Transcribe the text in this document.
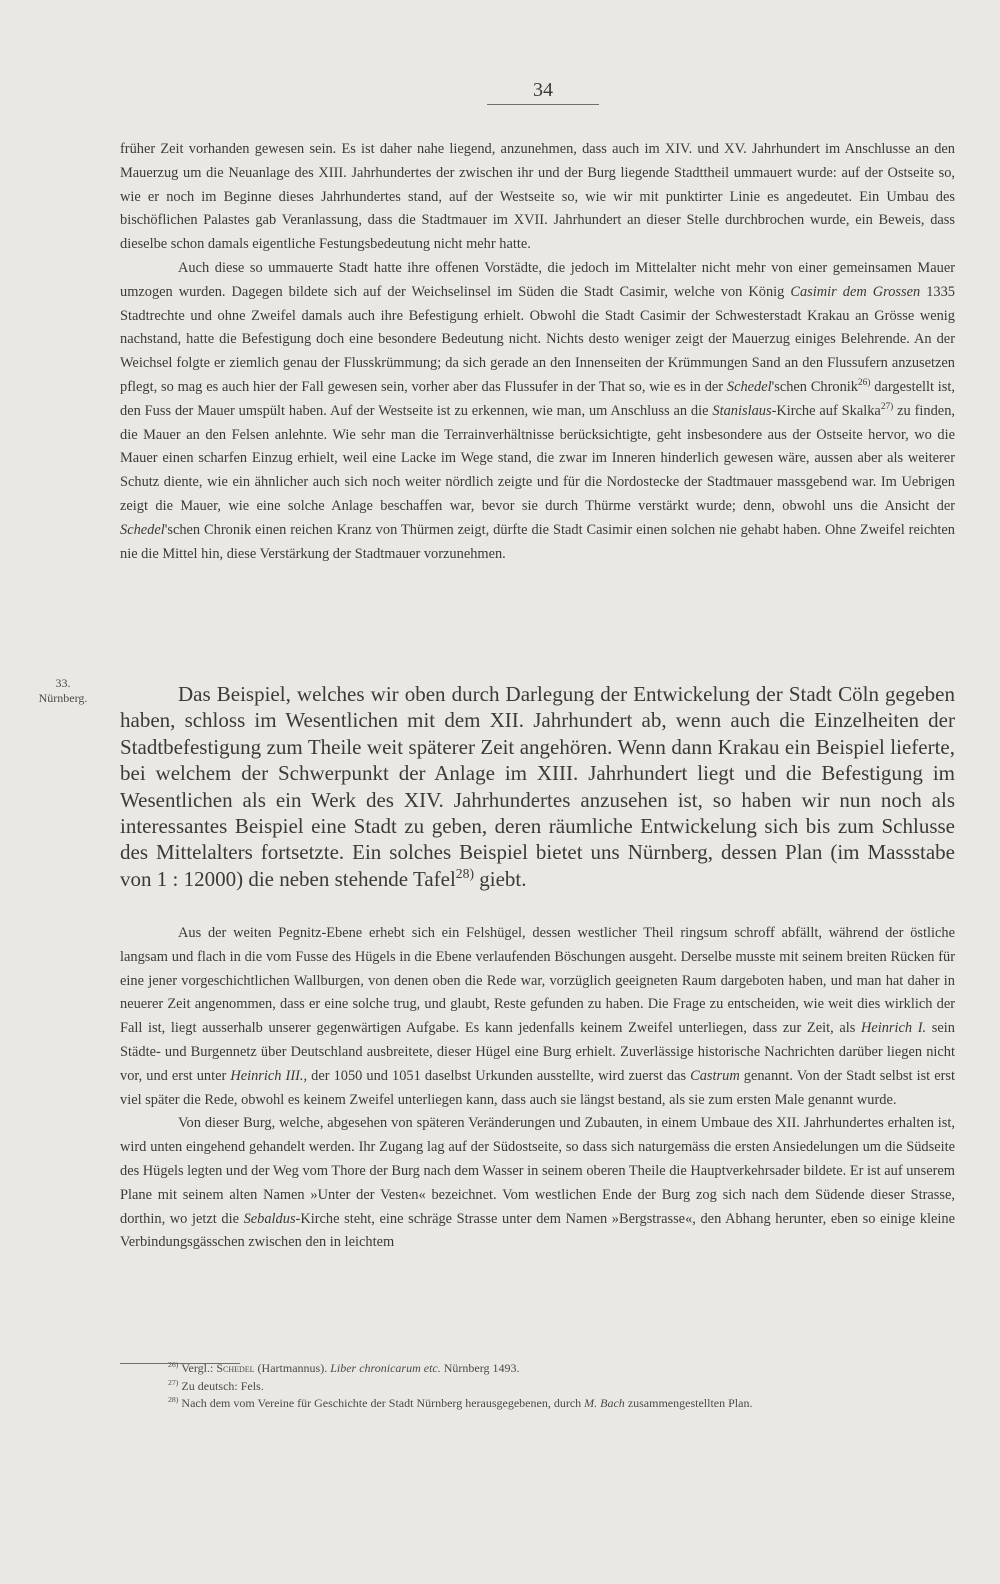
34

früher Zeit vorhanden gewesen sein. Es ist daher nahe liegend, anzunehmen, dass auch im XIV. und XV. Jahrhundert im Anschlusse an den Mauerzug um die Neuanlage des XIII. Jahrhundertes der zwischen ihr und der Burg liegende Stadttheil ummauert wurde: auf der Ostseite so, wie er noch im Beginne dieses Jahrhundertes stand, auf der Westseite so, wie wir mit punktirter Linie es angedeutet. Ein Umbau des bischöflichen Palastes gab Veranlassung, dass die Stadtmauer im XVII. Jahrhundert an dieser Stelle durchbrochen wurde, ein Beweis, dass dieselbe schon damals eigentliche Festungsbedeutung nicht mehr hatte.

Auch diese so ummauerte Stadt hatte ihre offenen Vorstädte, die jedoch im Mittelalter nicht mehr von einer gemeinsamen Mauer umzogen wurden. Dagegen bildete sich auf der Weichselinsel im Süden die Stadt Casimir, welche von König Casimir dem Grossen 1335 Stadtrechte und ohne Zweifel damals auch ihre Befestigung erhielt. Obwohl die Stadt Casimir der Schwesterstadt Krakau an Grösse wenig nachstand, hatte die Befestigung doch eine besondere Bedeutung nicht. Nichts desto weniger zeigt der Mauerzug einiges Belehrende. An der Weichsel folgte er ziemlich genau der Flusskrümmung; da sich gerade an den Innenseiten der Krümmungen Sand an den Flussufern anzusetzen pflegt, so mag es auch hier der Fall gewesen sein, vorher aber das Flussufer in der That so, wie es in der Schedel'schen Chronik$^{26)}$ dargestellt ist, den Fuss der Mauer umspült haben. Auf der Westseite ist zu erkennen, wie man, um Anschluss an die Stanislaus-Kirche auf Skalka$^{27)}$ zu finden, die Mauer an den Felsen anlehnte. Wie sehr man die Terrainverhältnisse berücksichtigte, geht insbesondere aus der Ostseite hervor, wo die Mauer einen scharfen Einzug erhielt, weil eine Lacke im Wege stand, die zwar im Inneren hinderlich gewesen wäre, aussen aber als weiterer Schutz diente, wie ein ähnlicher auch sich noch weiter nördlich zeigte und für die Nordostecke der Stadtmauer massgebend war. Im Uebrigen zeigt die Mauer, wie eine solche Anlage beschaffen war, bevor sie durch Thürme verstärkt wurde; denn, obwohl uns die Ansicht der Schedel'schen Chronik einen reichen Kranz von Thürmen zeigt, dürfte die Stadt Casimir einen solchen nie gehabt haben. Ohne Zweifel reichten nie die Mittel hin, diese Verstärkung der Stadtmauer vorzunehmen.

33.
Nürnberg.	Das Beispiel, welches wir oben durch Darlegung der Entwickelung der Stadt Cöln gegeben haben, schloss im Wesentlichen mit dem XII. Jahrhundert ab, wenn auch die Einzelheiten der Stadtbefestigung zum Theile weit späterer Zeit angehören. Wenn dann Krakau ein Beispiel lieferte, bei welchem der Schwerpunkt der Anlage im XIII. Jahrhundert liegt und die Befestigung im Wesentlichen als ein Werk des XIV. Jahrhundertes anzusehen ist, so haben wir nun noch als interessantes Beispiel eine Stadt zu geben, deren räumliche Entwickelung sich bis zum Schlusse des Mittelalters fortsetzte. Ein solches Beispiel bietet uns Nürnberg, dessen Plan (im Massstabe von 1 : 12000) die neben stehende Tafel$^{28)}$ giebt.

Aus der weiten Pegnitz-Ebene erhebt sich ein Felshügel, dessen westlicher Theil ringsum schroff abfällt, während der östliche langsam und flach in die vom Fusse des Hügels in die Ebene verlaufenden Böschungen ausgeht. Derselbe musste mit seinem breiten Rücken für eine jener vorgeschichtlichen Wallburgen, von denen oben die Rede war, vorzüglich geeigneten Raum dargeboten haben, und man hat daher in neuerer Zeit angenommen, dass er eine solche trug, und glaubt, Reste gefunden zu haben. Die Frage zu entscheiden, wie weit dies wirklich der Fall ist, liegt ausserhalb unserer gegenwärtigen Aufgabe. Es kann jedenfalls keinem Zweifel unterliegen, dass zur Zeit, als Heinrich I. sein Städte- und Burgennetz über Deutschland ausbreitete, dieser Hügel eine Burg erhielt. Zuverlässige historische Nachrichten darüber liegen nicht vor, und erst unter Heinrich III., der 1050 und 1051 daselbst Urkunden ausstellte, wird zuerst das Castrum genannt. Von der Stadt selbst ist erst viel später die Rede, obwohl es keinem Zweifel unterliegen kann, dass auch sie längst bestand, als sie zum ersten Male genannt wurde.

Von dieser Burg, welche, abgesehen von späteren Veränderungen und Zubauten, in einem Umbaue des XII. Jahrhundertes erhalten ist, wird unten eingehend gehandelt werden. Ihr Zugang lag auf der Südostseite, so dass sich naturgemäss die ersten Ansiedelungen um die Südseite des Hügels legten und der Weg vom Thore der Burg nach dem Wasser in seinem oberen Theile die Hauptverkehrsader bildete. Er ist auf unserem Plane mit seinem alten Namen »Unter der Vesten« bezeichnet. Vom westlichen Ende der Burg zog sich nach dem Südende dieser Strasse, dorthin, wo jetzt die Sebaldus-Kirche steht, eine schräge Strasse unter dem Namen »Bergstrasse«, den Abhang herunter, eben so einige kleine Verbindungsgässchen zwischen den in leichtem

$^{26)}$ Vergl.: Schedel (Hartmannus). Liber chronicarum etc. Nürnberg 1493.
$^{27)}$ Zu deutsch: Fels.
$^{28)}$ Nach dem vom Vereine für Geschichte der Stadt Nürnberg herausgegebenen, durch M. Bach zusammengestellten Plan.
